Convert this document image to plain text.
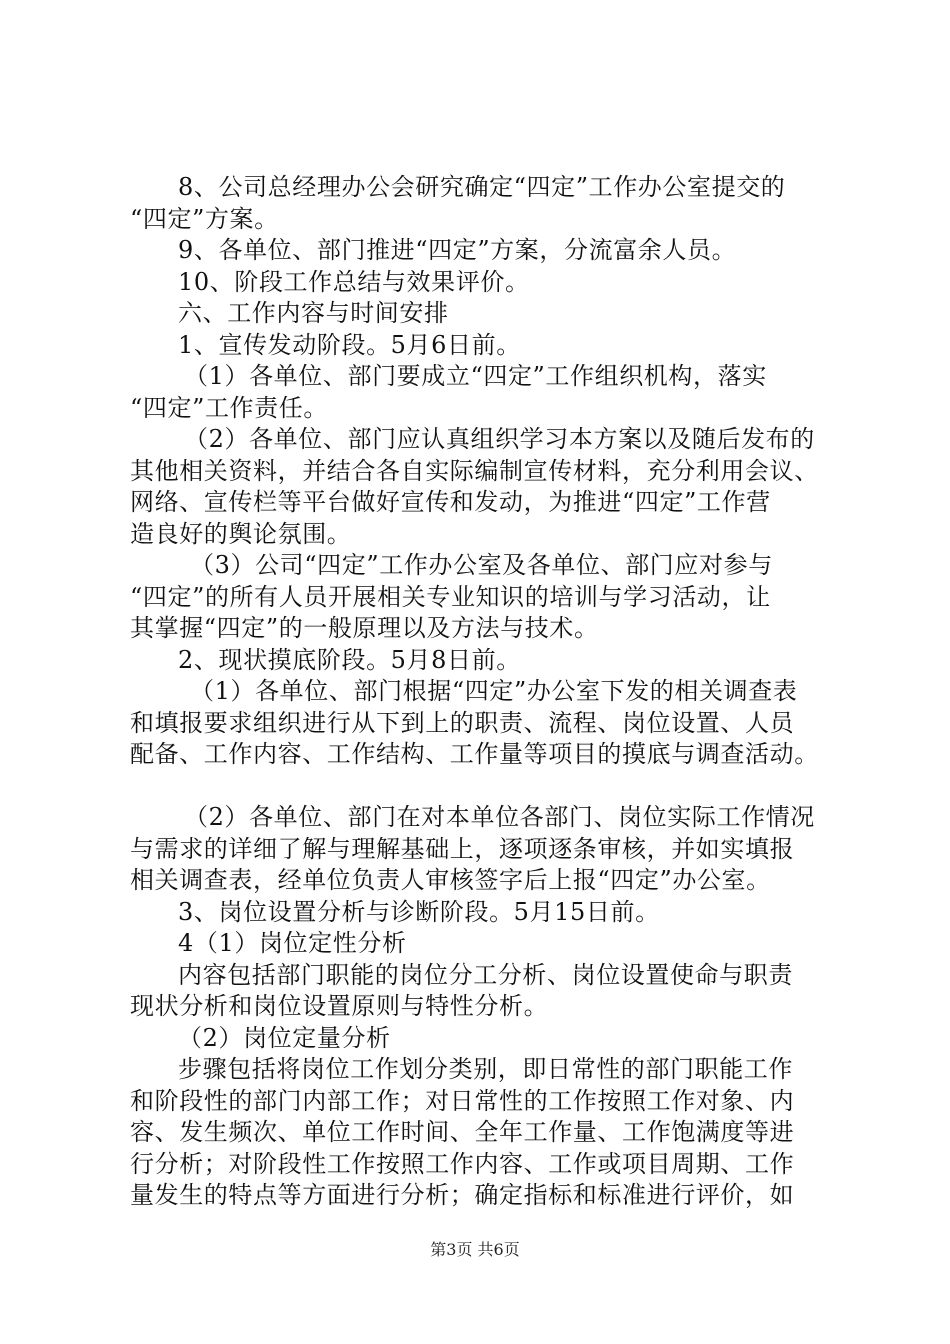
8、公司总经理办公会研究确定“四定”工作办公室提交的
“四定”方案。
9、各单位、部门推进“四定”方案，分流富余人员。
10、阶段工作总结与效果评价。
六、工作内容与时间安排
1、宣传发动阶段。5月6日前。
（1）各单位、部门要成立“四定”工作组织机构，落实
“四定”工作责任。
（2）各单位、部门应认真组织学习本方案以及随后发布的
其他相关资料，并结合各自实际编制宣传材料，充分利用会议、
网络、宣传栏等平台做好宣传和发动，为推进“四定”工作营
造良好的舆论氛围。
（3）公司“四定”工作办公室及各单位、部门应对参与
“四定”的所有人员开展相关专业知识的培训与学习活动，让
其掌握“四定”的一般原理以及方法与技术。
2、现状摸底阶段。5月8日前。
（1）各单位、部门根据“四定”办公室下发的相关调查表
和填报要求组织进行从下到上的职责、流程、岗位设置、人员
配备、工作内容、工作结构、工作量等项目的摸底与调查活动。
（2）各单位、部门在对本单位各部门、岗位实际工作情况
与需求的详细了解与理解基础上，逐项逐条审核，并如实填报
相关调查表，经单位负责人审核签字后上报“四定”办公室。
3、岗位设置分析与诊断阶段。5月15日前。
4（1）岗位定性分析
内容包括部门职能的岗位分工分析、岗位设置使命与职责
现状分析和岗位设置原则与特性分析。
（2）岗位定量分析
步骤包括将岗位工作划分类别，即日常性的部门职能工作
和阶段性的部门内部工作；对日常性的工作按照工作对象、内
容、发生频次、单位工作时间、全年工作量、工作饱满度等进
行分析；对阶段性工作按照工作内容、工作或项目周期、工作
量发生的特点等方面进行分析；确定指标和标准进行评价，如
第3页 共6页
